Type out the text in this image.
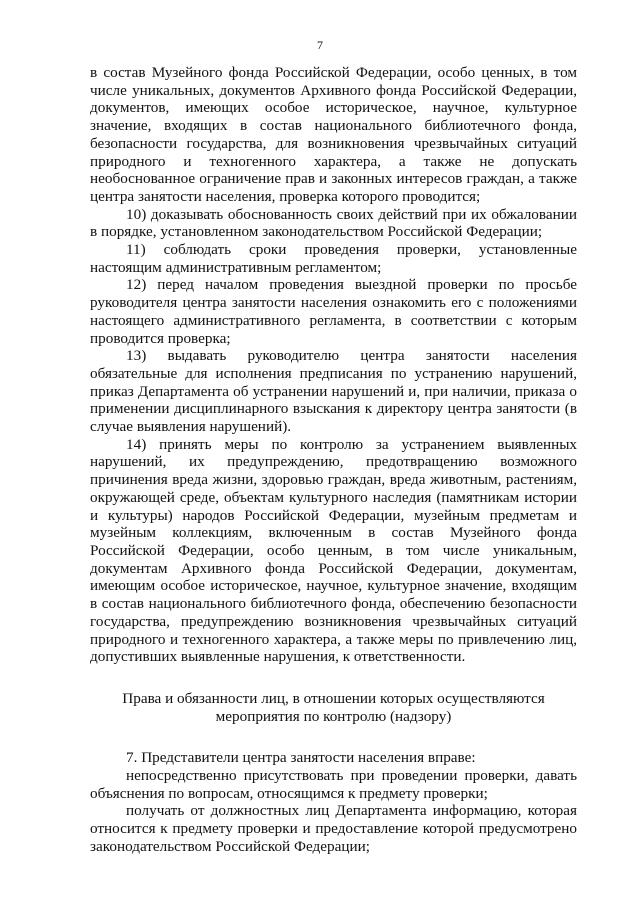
7

в состав Музейного фонда Российской Федерации, особо ценных, в том числе уникальных, документов Архивного фонда Российской Федерации, документов, имеющих особое историческое, научное, культурное значение, входящих в состав национального библиотечного фонда, безопасности государства, для возникновения чрезвычайных ситуаций природного и техногенного характера, а также не допускать необоснованное ограничение прав и законных интересов граждан, а также центра занятости населения, проверка которого проводится;

10) доказывать обоснованность своих действий при их обжаловании в порядке, установленном законодательством Российской Федерации;

11) соблюдать сроки проведения проверки, установленные настоящим административным регламентом;

12) перед началом проведения выездной проверки по просьбе руководителя центра занятости населения ознакомить его с положениями настоящего административного регламента, в соответствии с которым проводится проверка;

13) выдавать руководителю центра занятости населения обязательные для исполнения предписания по устранению нарушений, приказ Департамента об устранении нарушений и, при наличии, приказа о применении дисциплинарного взыскания к директору центра занятости (в случае выявления нарушений).

14) принять меры по контролю за устранением выявленных нарушений, их предупреждению, предотвращению возможного причинения вреда жизни, здоровью граждан, вреда животным, растениям, окружающей среде, объектам культурного наследия (памятникам истории и культуры) народов Российской Федерации, музейным предметам и музейным коллекциям, включенным в состав Музейного фонда Российской Федерации, особо ценным, в том числе уникальным, документам Архивного фонда Российской Федерации, документам, имеющим особое историческое, научное, культурное значение, входящим в состав национального библиотечного фонда, обеспечению безопасности государства, предупреждению возникновения чрезвычайных ситуаций природного и техногенного характера, а также меры по привлечению лиц, допустивших выявленные нарушения, к ответственности.

Права и обязанности лиц, в отношении которых осуществляются мероприятия по контролю (надзору)

7. Представители центра занятости населения вправе:

непосредственно присутствовать при проведении проверки, давать объяснения по вопросам, относящимся к предмету проверки;

получать от должностных лиц Департамента информацию, которая относится к предмету проверки и предоставление которой предусмотрено законодательством Российской Федерации;
